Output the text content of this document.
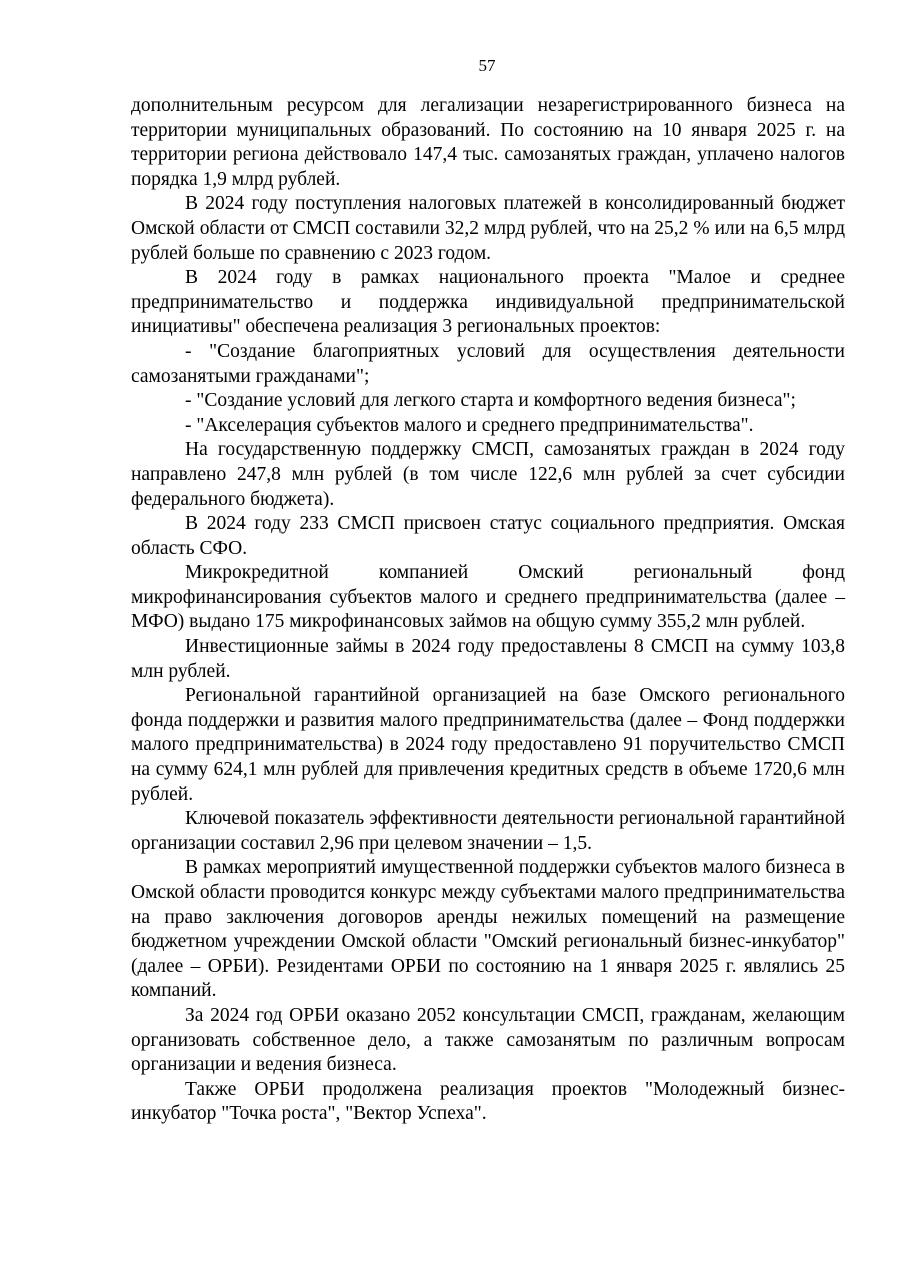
57

дополнительным ресурсом для легализации незарегистрированного бизнеса на территории муниципальных образований. По состоянию на 10 января 2025 г. на территории региона действовало 147,4 тыс. самозанятых граждан, уплачено налогов порядка 1,9 млрд рублей.

В 2024 году поступления налоговых платежей в консолидированный бюджет Омской области от СМСП составили 32,2 млрд рублей, что на 25,2 % или на 6,5 млрд рублей больше по сравнению с 2023 годом.

В 2024 году в рамках национального проекта "Малое и среднее предпринимательство и поддержка индивидуальной предпринимательской инициативы" обеспечена реализация 3 региональных проектов:

- "Создание благоприятных условий для осуществления деятельности самозанятыми гражданами";

- "Создание условий для легкого старта и комфортного ведения бизнеса";

- "Акселерация субъектов малого и среднего предпринимательства".

На государственную поддержку СМСП, самозанятых граждан в 2024 году направлено 247,8 млн рублей (в том числе 122,6 млн рублей за счет субсидии федерального бюджета).

В 2024 году 233 СМСП присвоен статус социального предприятия. Омская область СФО.

Микрокредитной компанией Омский региональный фонд микрофинансирования субъектов малого и среднего предпринимательства (далее – МФО) выдано 175 микрофинансовых займов на общую сумму 355,2 млн рублей.

Инвестиционные займы в 2024 году предоставлены 8 СМСП на сумму 103,8 млн рублей.

Региональной гарантийной организацией на базе Омского регионального фонда поддержки и развития малого предпринимательства (далее – Фонд поддержки малого предпринимательства) в 2024 году предоставлено 91 поручительство СМСП на сумму 624,1 млн рублей для привлечения кредитных средств в объеме 1720,6 млн рублей.

Ключевой показатель эффективности деятельности региональной гарантийной организации составил 2,96 при целевом значении – 1,5.

В рамках мероприятий имущественной поддержки субъектов малого бизнеса в Омской области проводится конкурс между субъектами малого предпринимательства на право заключения договоров аренды нежилых помещений на размещение бюджетном учреждении Омской области "Омский региональный бизнес-инкубатор" (далее – ОРБИ). Резидентами ОРБИ по состоянию на 1 января 2025 г. являлись 25 компаний.

За 2024 год ОРБИ оказано 2052 консультации СМСП, гражданам, желающим организовать собственное дело, а также самозанятым по различным вопросам организации и ведения бизнеса.

Также ОРБИ продолжена реализация проектов "Молодежный бизнес-инкубатор "Точка роста", "Вектор Успеха".
